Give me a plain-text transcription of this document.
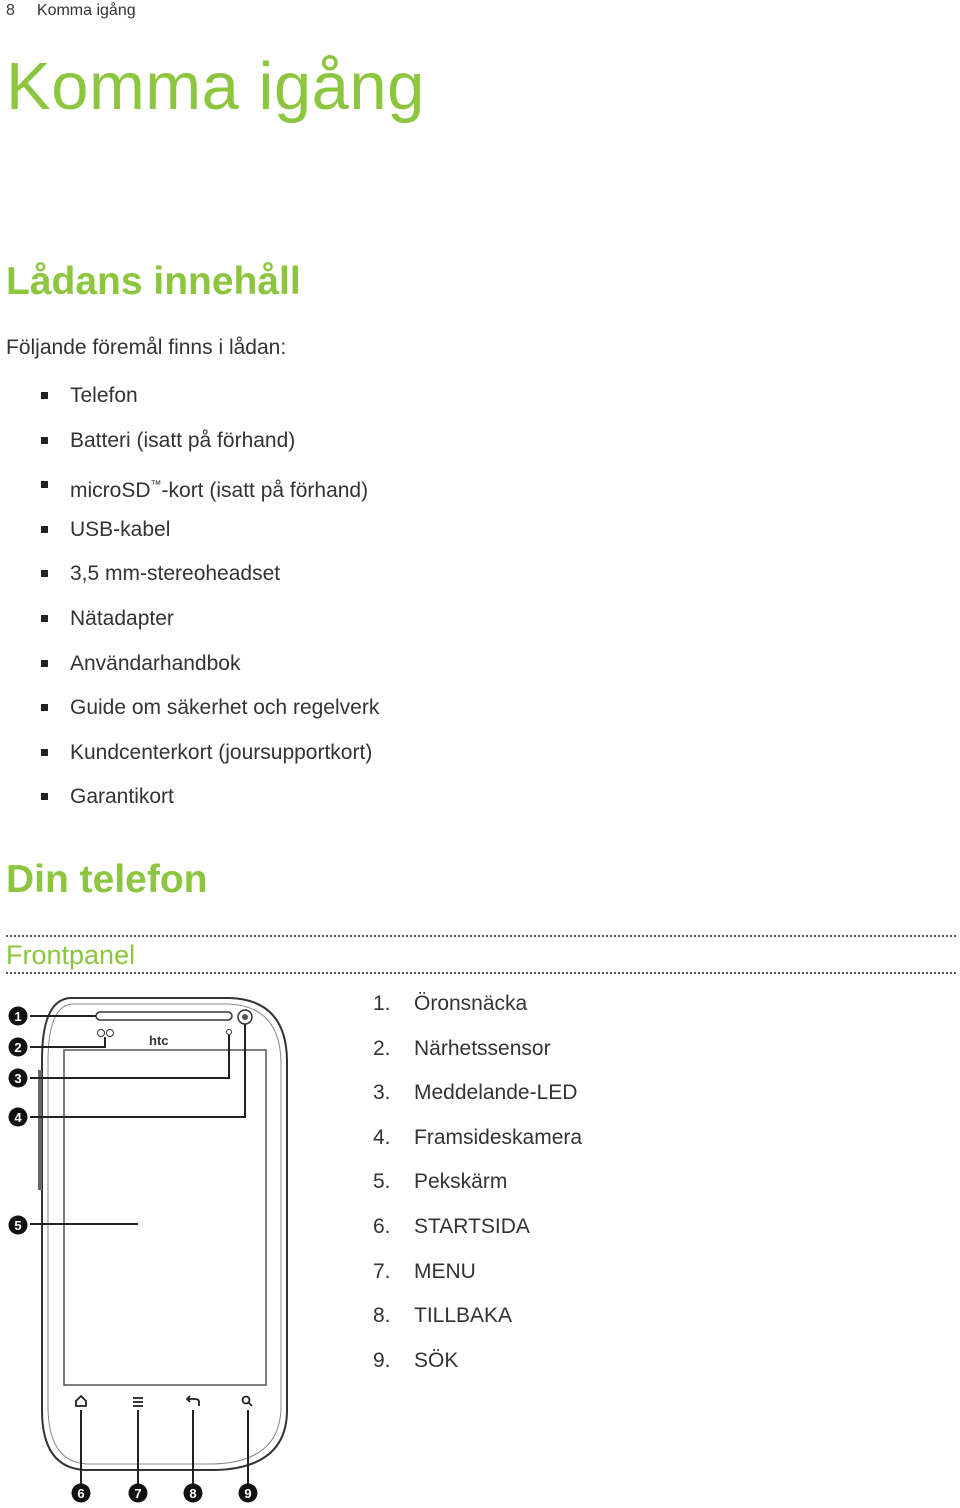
8 Komma igång
Komma igång
Lådans innehåll
Följande föremål finns i lådan:
Telefon
Batteri (isatt på förhand)
microSD™-kort (isatt på förhand)
USB-kabel
3,5 mm-stereoheadset
Nätadapter
Användarhandbok
Guide om säkerhet och regelverk
Kundcenterkort (joursupportkort)
Garantikort
Din telefon
Frontpanel
htc
1
2
3
4
5
6	7	8	9
1. Öronsnäcka
2. Närhetssensor
3. Meddelande-LED
4. Framsideskamera
5. Pekskärm
6. STARTSIDA
7. MENU
8. TILLBAKA
9. SÖK
